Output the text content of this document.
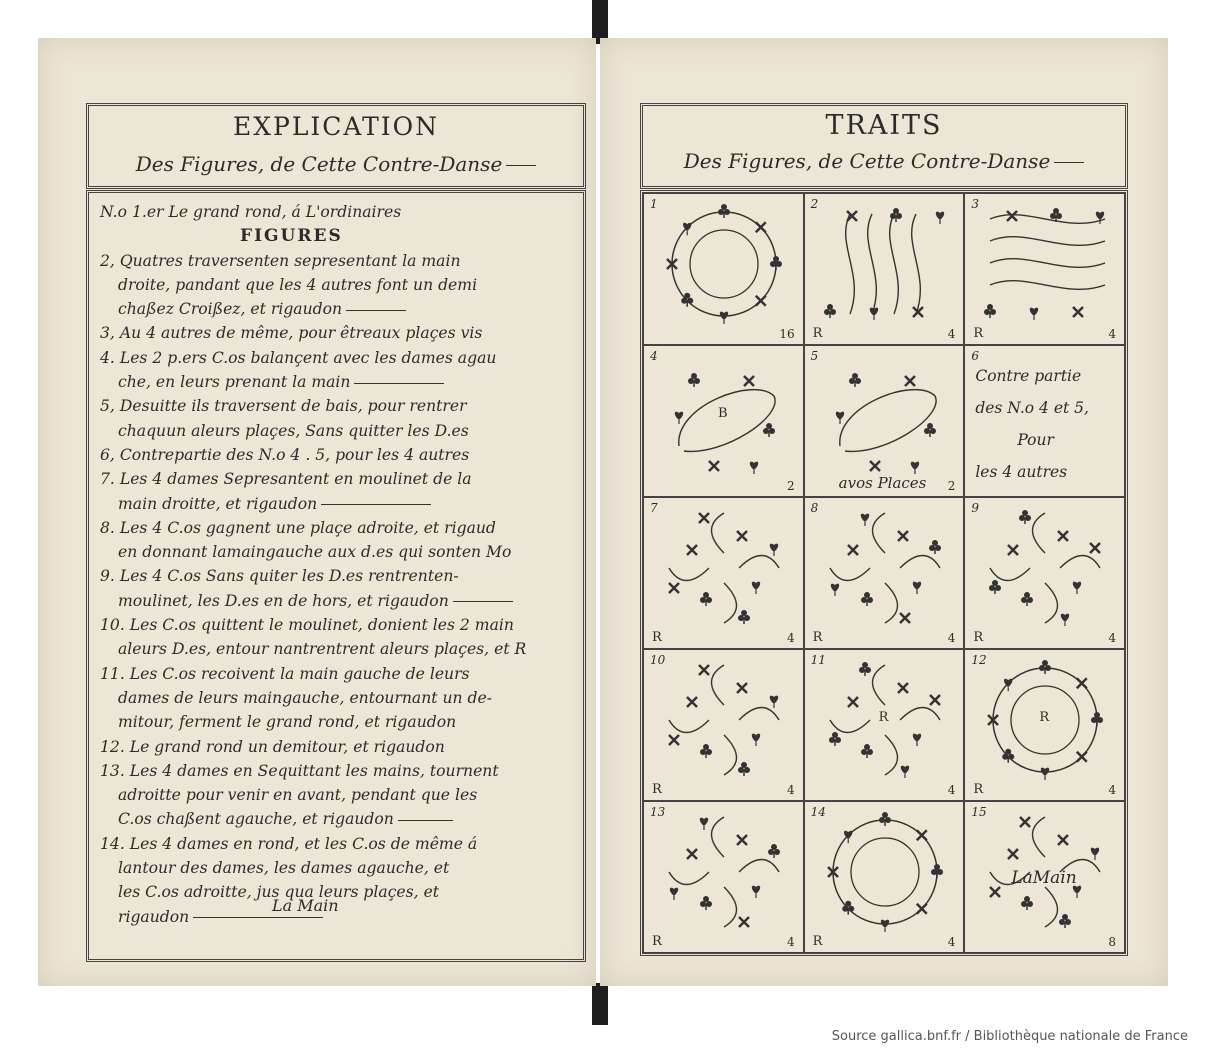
EXPLICATION
Des Figures, de Cette Contre-Danse
N.o 1.er Le grand rond, á L'ordinaires
FIGURES
2, Quatres traversenten sepresentant la main
droite, pandant que les 4 autres font un demi
chaßez Croißez, et rigaudon
3, Au 4 autres de même, pour êtreaux plaçes vis
4. Les 2 p.ers C.os balançent avec les dames agau
che, en leurs prenant la main
5, Desuitte ils traversent de bais, pour rentrer
chaquun aleurs plaçes, Sans quitter les D.es
6, Contrepartie des N.o 4 . 5, pour les 4 autres
7. Les 4 dames Sepresantent en moulinet de la
main droitte, et rigaudon
8. Les 4 C.os gagnent une plaçe adroite, et rigaud
en donnant lamaingauche aux d.es qui sonten Mo
9. Les 4 C.os Sans quiter les D.es rentrenten-
moulinet, les D.es en de hors, et rigaudon
10. Les C.os quittent le moulinet, donient les 2 main
aleurs D.es, entour nantrentrent aleurs plaçes, et R
11. Les C.os recoivent la main gauche de leurs
dames de leurs maingauche, entournant un de-
mitour, ferment le grand rond, et rigaudon
12. Le grand rond un demitour, et rigaudon
13. Les 4 dames en Sequittant les mains, tournent
adroitte pour venir en avant, pendant que les
C.os chaßent agauche, et rigaudon
14. Les 4 dames en rond, et les C.os de même á
lantour des dames, les dames agauche, et
les C.os adroitte, jus qua leurs plaçes, et
rigaudon
La Main
TRAITS
Des Figures, de Cette Contre-Danse
1
16
2
R	4
3
R	4
4
B
2
5
avos Places 2
6
Contre partie
des N.o 4 et 5,
Pour
les 4 autres
7
R	4
8
R	4
9
R	4
10
R	4
11
R
4
12
R
R	4
13
R	4
14
R	4
15
LaMain
8
Source gallica.bnf.fr / Bibliothèque nationale de France
